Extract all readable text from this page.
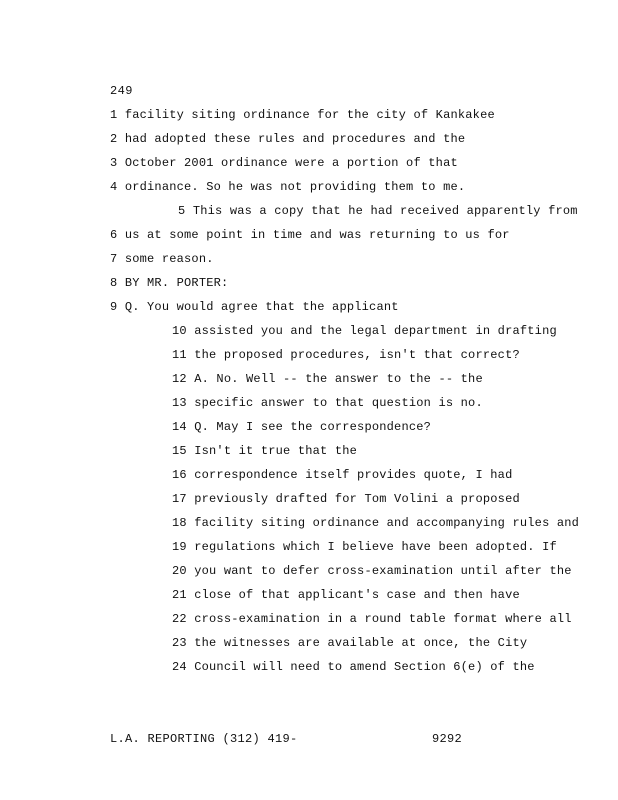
249
1 facility siting ordinance for the city of Kankakee
2 had adopted these rules and procedures and the
3 October 2001 ordinance were a portion of that
4 ordinance. So he was not providing them to me.
5 This was a copy that he had received apparently from
6 us at some point in time and was returning to us for
7 some reason.
8 BY MR. PORTER:
9 Q. You would agree that the applicant
10 assisted you and the legal department in drafting
11 the proposed procedures, isn't that correct?
12 A. No. Well -- the answer to the -- the
13 specific answer to that question is no.
14 Q. May I see the correspondence?
15 Isn't it true that the
16 correspondence itself provides quote, I had
17 previously drafted for Tom Volini a proposed
18 facility siting ordinance and accompanying rules and
19 regulations which I believe have been adopted. If
20 you want to defer cross-examination until after the
21 close of that applicant's case and then have
22 cross-examination in a round table format where all
23 the witnesses are available at once, the City
24 Council will need to amend Section 6(e) of the
L.A. REPORTING (312) 419-	9292
